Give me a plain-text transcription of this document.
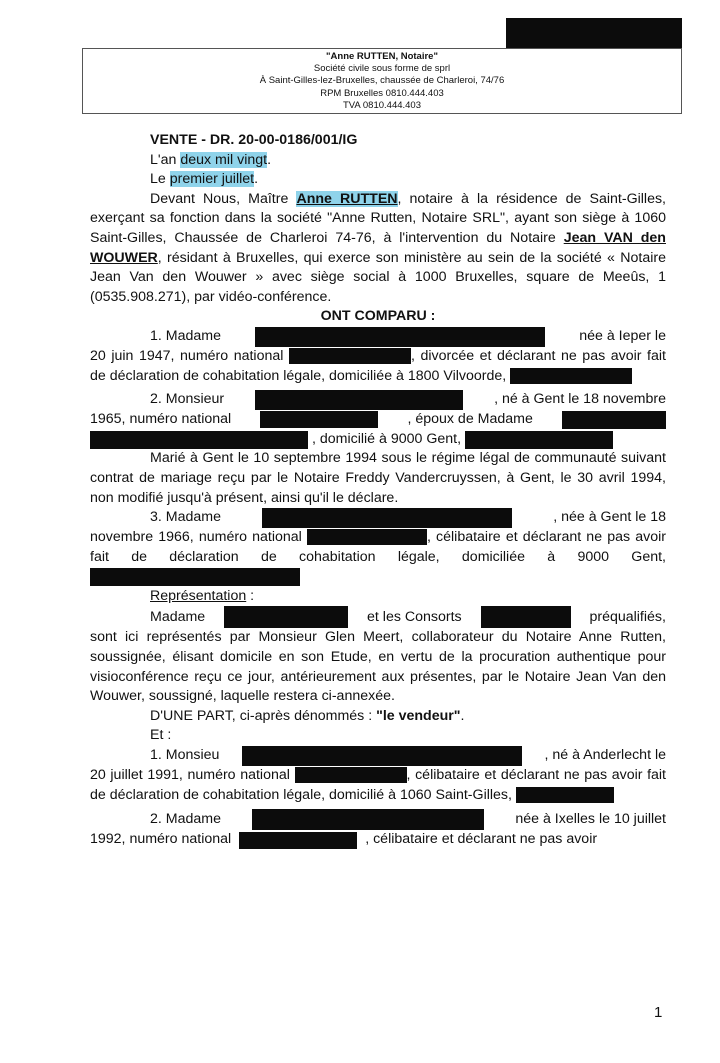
"Anne RUTTEN, Notaire"
Société civile sous forme de sprl
À Saint-Gilles-lez-Bruxelles, chaussée de Charleroi, 74/76
RPM Bruxelles 0810.444.403
TVA 0810.444.403

VENTE - DR. 20-00-0186/001/IG

L'an deux mil vingt.

Le premier juillet.

Devant Nous, Maître Anne RUTTEN, notaire à la résidence de Saint-Gilles, exerçant sa fonction dans la société "Anne Rutten, Notaire SRL", ayant son siège à 1060 Saint-Gilles, Chaussée de Charleroi 74-76, à l'intervention du Notaire Jean VAN den WOUWER, résidant à Bruxelles, qui exerce son ministère au sein de la société « Notaire Jean Van den Wouwer » avec siège social à 1000 Bruxelles, square de Meeûs, 1 (0535.908.271), par vidéo-conférence.

ONT COMPARU :

1. Madame	née à Ieper le

20 juin 1947, numéro national	, divorcée et déclarant ne pas avoir fait de déclaration de cohabitation légale, domiciliée à 1800 Vilvoorde,

2. Monsieur	, né à Gent le 18 novembre
1965, numéro national	, époux de Madame
, domicilié à 9000 Gent,

Marié à Gent le 10 septembre 1994 sous le régime légal de communauté suivant contrat de mariage reçu par le Notaire Freddy Vandercruyssen, à Gent, le 30 avril 1994, non modifié jusqu'à présent, ainsi qu'il le déclare.

3. Madame	, née à Gent le 18

novembre 1966, numéro national	, célibataire et déclarant ne pas avoir fait de déclaration de cohabitation légale, domiciliée à 9000 Gent,

Représentation :

Madame	et les Consorts	préqualifiés,

sont ici représentés par Monsieur Glen Meert, collaborateur du Notaire Anne Rutten, soussignée, élisant domicile en son Etude, en vertu de la procuration authentique pour visioconférence reçu ce jour, antérieurement aux présentes, par le Notaire Jean Van den Wouwer, soussigné, laquelle restera ci-annexée.

D'UNE PART, ci-après dénommés : "le vendeur".

Et :

1. Monsieu	, né à Anderlecht le

20 juillet 1991, numéro national	, célibataire et déclarant ne pas avoir fait de déclaration de cohabitation légale, domicilié à 1060 Saint-Gilles,

2. Madame	née à Ixelles le 10 juillet
1992, numéro national	, célibataire et déclarant ne pas avoir
1
